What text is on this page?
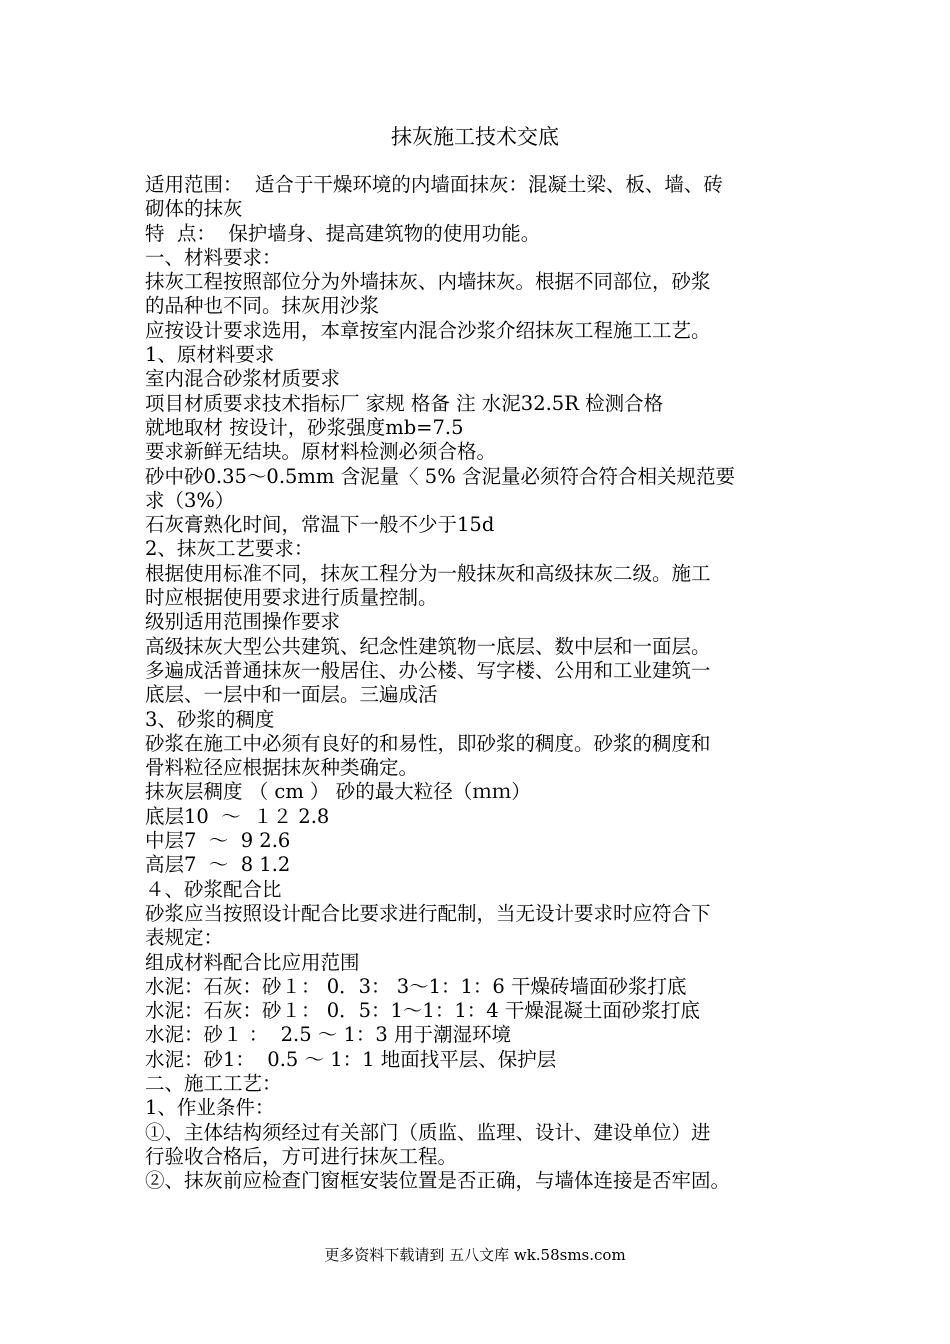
抹灰施工技术交底
适用范围：  适合于干燥环境的内墙面抹灰：混凝土梁、板、墙、砖
砌体的抹灰
特  点：  保护墙身、提高建筑物的使用功能。
一、材料要求：
抹灰工程按照部位分为外墙抹灰、内墙抹灰。根据不同部位，砂浆
的品种也不同。抹灰用沙浆
应按设计要求选用，本章按室内混合沙浆介绍抹灰工程施工工艺。
1、原材料要求
室内混合砂浆材质要求
项目材质要求技术指标厂 家规 格备 注 水泥32.5R 检测合格
就地取材 按设计，砂浆强度mb=7.5
要求新鲜无结块。原材料检测必须合格。
砂中砂0.35～0.5mm 含泥量〈 5% 含泥量必须符合符合相关规范要
求（3%）
石灰膏熟化时间，常温下一般不少于15d
2、抹灰工艺要求：
根据使用标准不同，抹灰工程分为一般抹灰和高级抹灰二级。施工
时应根据使用要求进行质量控制。
级别适用范围操作要求
高级抹灰大型公共建筑、纪念性建筑物一底层、数中层和一面层。
多遍成活普通抹灰一般居住、办公楼、写字楼、公用和工业建筑一
底层、一层中和一面层。三遍成活
3、砂浆的稠度
砂浆在施工中必须有良好的和易性，即砂浆的稠度。砂浆的稠度和
骨料粒径应根据抹灰种类确定。
抹灰层稠度 （ cm ） 砂的最大粒径（ｍｍ）
底层10  ～  １２ 2.8
中层7  ～  9 2.6
高层7  ～  8 1.2
４、砂浆配合比
砂浆应当按照设计配合比要求进行配制，当无设计要求时应符合下
表规定：
组成材料配合比应用范围
水泥：石灰：砂１： 0．3： 3～1：1：6 干燥砖墙面砂浆打底
水泥：石灰：砂１： 0．5：1～1：1：4 干燥混凝土面砂浆打底
水泥：砂１ ：  2.5 ～ 1：3 用于潮湿环境
水泥：砂1：  0.5 ～ 1：1 地面找平层、保护层
二、施工工艺：
1、作业条件：
①、主体结构须经过有关部门（质监、监理、设计、建设单位）进
行验收合格后，方可进行抹灰工程。
②、抹灰前应检查门窗框安装位置是否正确，与墙体连接是否牢固。
更多资料下载请到 五八文库 wk.58sms.com
